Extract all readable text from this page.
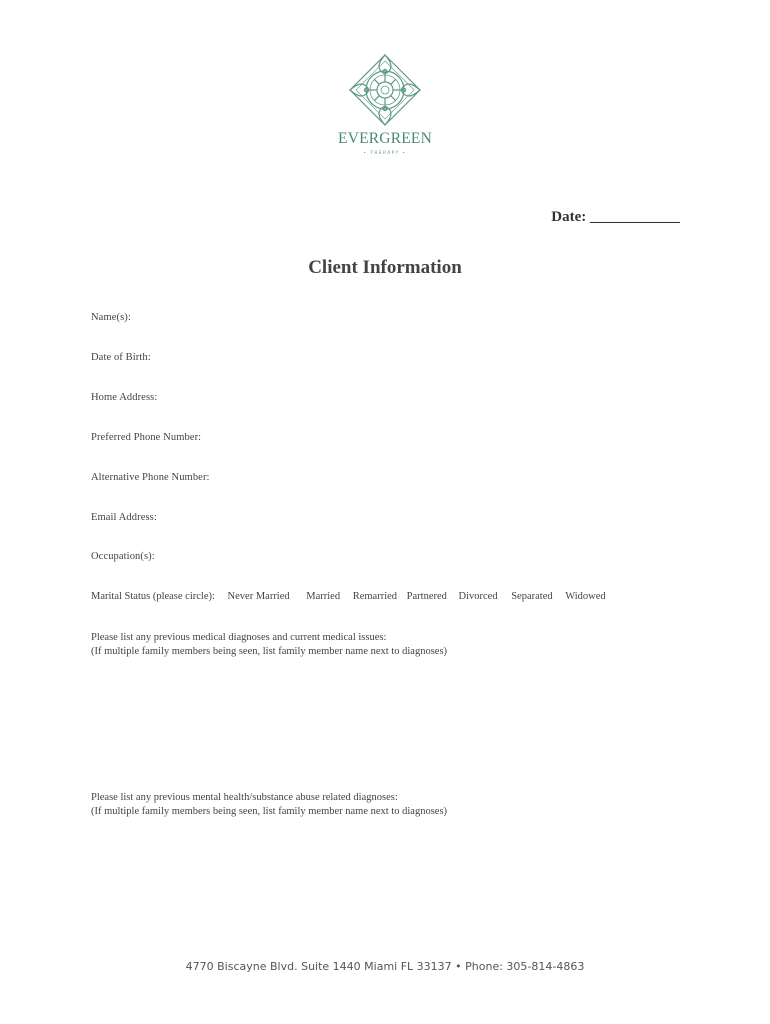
EVERGREEN
• THERAPY •
Date: ____________
Client Information
Name(s):
Date of Birth:
Home Address:
Preferred Phone Number:
Alternative Phone Number:
Email Address:
Occupation(s):
Marital Status (please circle): Never Married Married Remarried Partnered Divorced Separated Widowed
Please list any previous medical diagnoses and current medical issues:
(If multiple family members being seen, list family member name next to diagnoses)
Please list any previous mental health/substance abuse related diagnoses:
(If multiple family members being seen, list family member name next to diagnoses)
4770 Biscayne Blvd. Suite 1440 Miami FL 33137 • Phone: 305-814-4863
